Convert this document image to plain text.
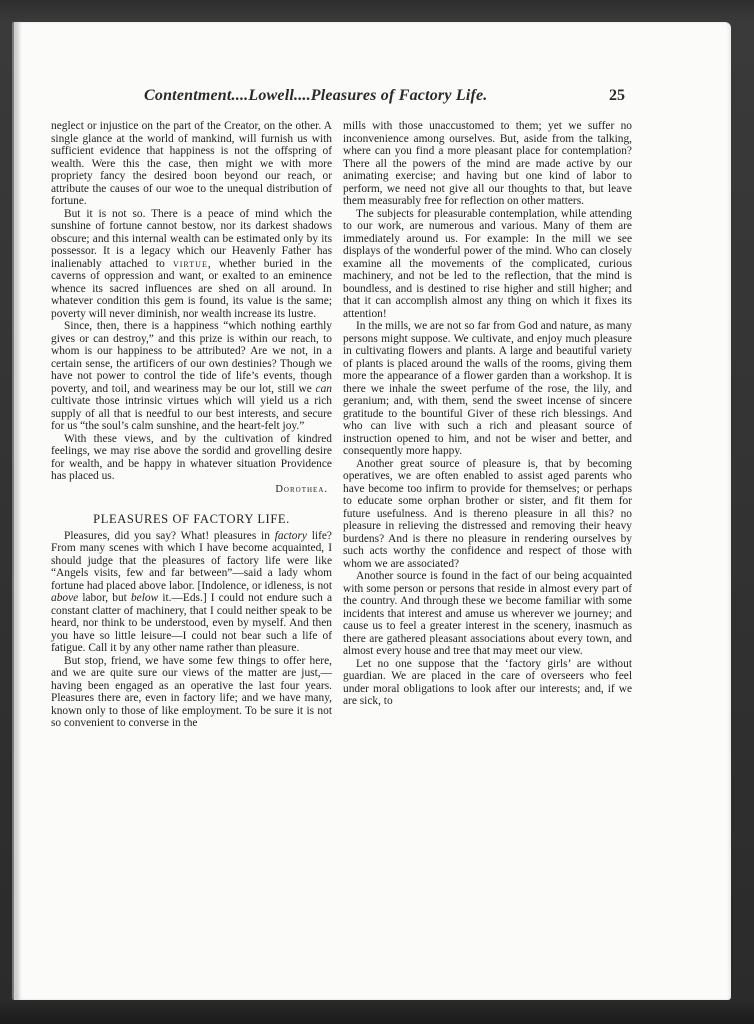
Contentment....Lowell....Pleasures of Factory Life.	25

neglect or injustice on the part of the Creator, on the other. A single glance at the world of mankind, will furnish us with sufficient evidence that happiness is not the offspring of wealth. Were this the case, then might we with more propriety fancy the desired boon beyond our reach, or attribute the causes of our woe to the unequal distribution of fortune.

But it is not so. There is a peace of mind which the sunshine of fortune cannot bestow, nor its darkest shadows obscure; and this internal wealth can be estimated only by its possessor. It is a legacy which our Heavenly Father has inalienably attached to virtue, whether buried in the caverns of oppression and want, or exalted to an eminence whence its sacred influences are shed on all around. In whatever condition this gem is found, its value is the same; poverty will never diminish, nor wealth increase its lustre.

Since, then, there is a happiness “which nothing earthly gives or can destroy,” and this prize is within our reach, to whom is our happiness to be attributed? Are we not, in a certain sense, the artificers of our own destinies? Though we have not power to control the tide of life’s events, though poverty, and toil, and weariness may be our lot, still we can cultivate those intrinsic virtues which will yield us a rich supply of all that is needful to our best interests, and secure for us “the soul’s calm sunshine, and the heart-felt joy.”

With these views, and by the cultivation of kindred feelings, we may rise above the sordid and grovelling desire for wealth, and be happy in whatever situation Providence has placed us.

Dorothea.
PLEASURES OF FACTORY LIFE.

Pleasures, did you say? What! pleasures in factory life? From many scenes with which I have become acquainted, I should judge that the pleasures of factory life were like “Angels visits, few and far between”—said a lady whom fortune had placed above labor. [Indolence, or idleness, is not above labor, but below it.—Eds.] I could not endure such a constant clatter of machinery, that I could neither speak to be heard, nor think to be understood, even by myself. And then you have so little leisure—I could not bear such a life of fatigue. Call it by any other name rather than pleasure.

But stop, friend, we have some few things to offer here, and we are quite sure our views of the matter are just,—having been engaged as an operative the last four years. Pleasures there are, even in factory life; and we have many, known only to those of like employment. To be sure it is not so convenient to converse in the

mills with those unaccustomed to them; yet we suffer no inconvenience among ourselves. But, aside from the talking, where can you find a more pleasant place for contemplation? There all the powers of the mind are made active by our animating exercise; and having but one kind of labor to perform, we need not give all our thoughts to that, but leave them measurably free for reflection on other matters.

The subjects for pleasurable contemplation, while attending to our work, are numerous and various. Many of them are immediately around us. For example: In the mill we see displays of the wonderful power of the mind. Who can closely examine all the movements of the complicated, curious machinery, and not be led to the reflection, that the mind is boundless, and is destined to rise higher and still higher; and that it can accomplish almost any thing on which it fixes its attention!

In the mills, we are not so far from God and nature, as many persons might suppose. We cultivate, and enjoy much pleasure in cultivating flowers and plants. A large and beautiful variety of plants is placed around the walls of the rooms, giving them more the appearance of a flower garden than a workshop. It is there we inhale the sweet perfume of the rose, the lily, and geranium; and, with them, send the sweet incense of sincere gratitude to the bountiful Giver of these rich blessings. And who can live with such a rich and pleasant source of instruction opened to him, and not be wiser and better, and consequently more happy.

Another great source of pleasure is, that by becoming operatives, we are often enabled to assist aged parents who have become too infirm to provide for themselves; or perhaps to educate some orphan brother or sister, and fit them for future usefulness. And is thereno pleasure in all this? no pleasure in relieving the distressed and removing their heavy burdens? And is there no pleasure in rendering ourselves by such acts worthy the confidence and respect of those with whom we are associated?

Another source is found in the fact of our being acquainted with some person or persons that reside in almost every part of the country. And through these we become familiar with some incidents that interest and amuse us wherever we journey; and cause us to feel a greater interest in the scenery, inasmuch as there are gathered pleasant associations about every town, and almost every house and tree that may meet our view.

Let no one suppose that the ‘factory girls’ are without guardian. We are placed in the care of overseers who feel under moral obligations to look after our interests; and, if we are sick, to
